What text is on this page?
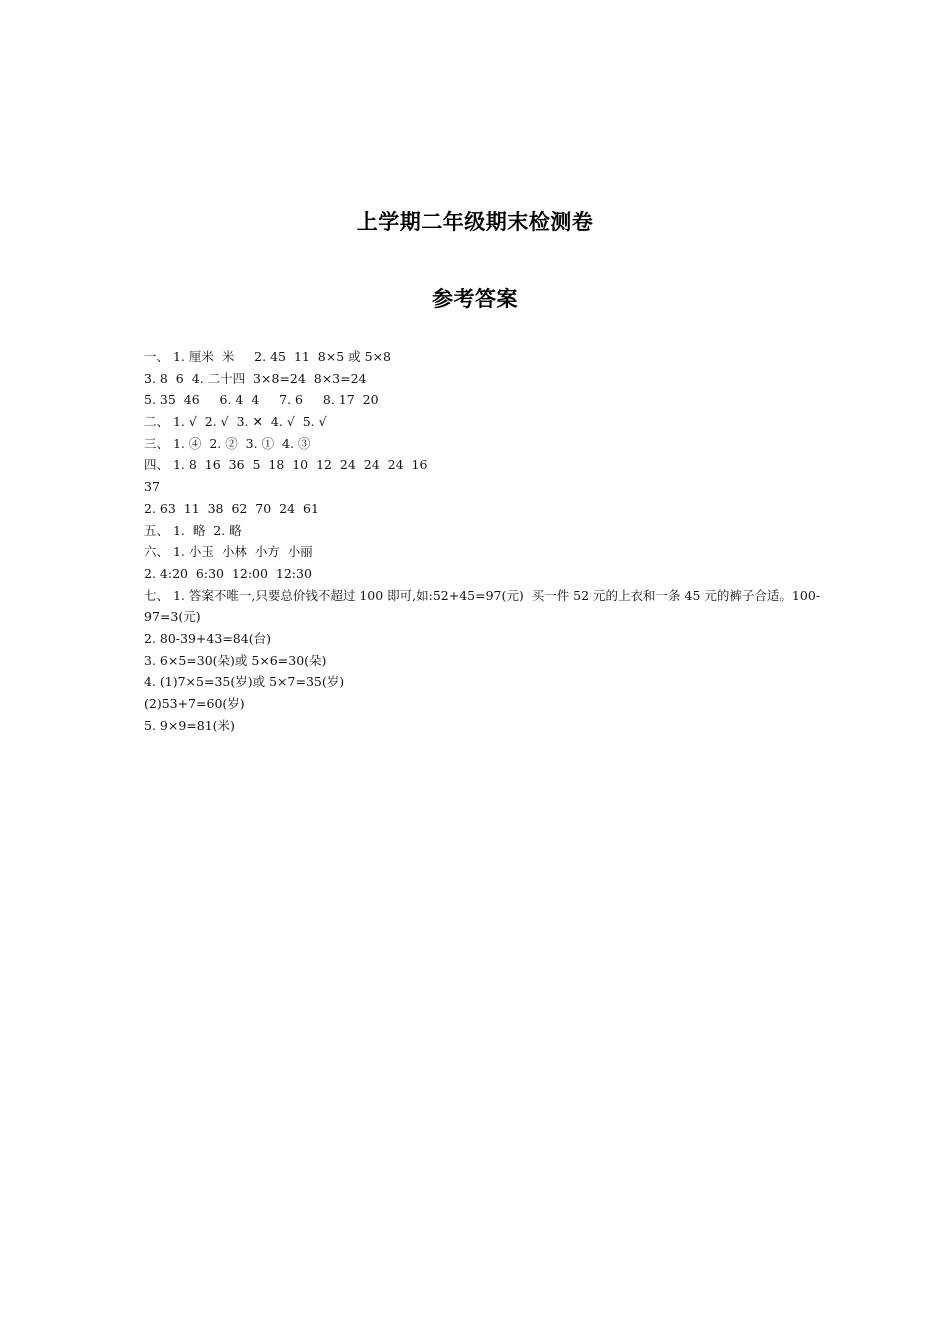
上学期二年级期末检测卷
参考答案
一、 1. 厘米  米     2. 45  11  8×5 或 5×8
3. 8  6  4. 二十四  3×8=24  8×3=24
5. 35  46     6. 4  4     7. 6     8. 17  20
二、 1. √  2. √  3. ✕  4. √  5. √
三、 1. ④  2. ②  3. ①  4. ③
四、 1. 8  16  36  5  18  10  12  24  24  24  16
37
2. 63  11  38  62  70  24  61
五、 1.  略  2. 略
六、 1. 小玉  小林  小方  小丽
2. 4:20  6:30  12:00  12:30
七、 1. 答案不唯一,只要总价钱不超过 100 即可,如:52+45=97(元)  买一件 52 元的上衣和一条 45 元的裤子合适。100-97=3(元)
2. 80-39+43=84(台)
3. 6×5=30(朵)或 5×6=30(朵)
4. (1)7×5=35(岁)或 5×7=35(岁)
(2)53+7=60(岁)
5. 9×9=81(米)
